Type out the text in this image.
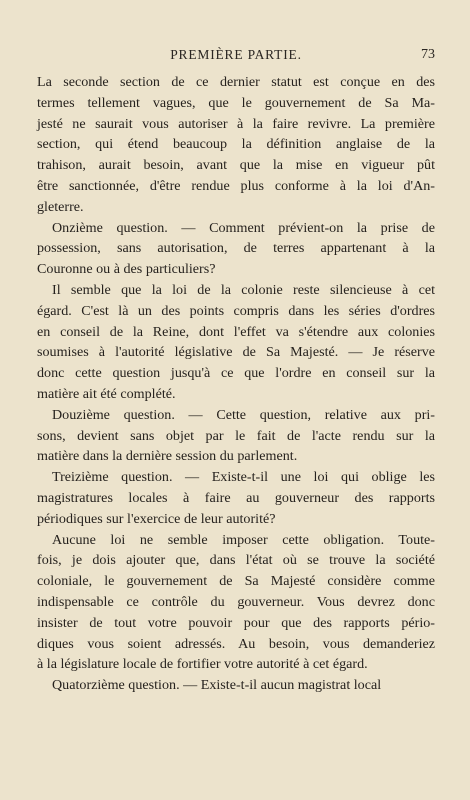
PREMIÈRE PARTIE.	73
La seconde section de ce dernier statut est conçue en des
termes tellement vagues, que le gouvernement de Sa Ma-
jesté ne saurait vous autoriser à la faire revivre. La première
section, qui étend beaucoup la définition anglaise de la
trahison, aurait besoin, avant que la mise en vigueur pût
être sanctionnée, d'être rendue plus conforme à la loi d'An-
gleterre.
Onzième question. — Comment prévient-on la prise de
possession, sans autorisation, de terres appartenant à la
Couronne ou à des particuliers?
Il semble que la loi de la colonie reste silencieuse à cet
égard. C'est là un des points compris dans les séries d'ordres
en conseil de la Reine, dont l'effet va s'étendre aux colonies
soumises à l'autorité législative de Sa Majesté. — Je réserve
donc cette question jusqu'à ce que l'ordre en conseil sur la
matière ait été complété.
Douzième question. — Cette question, relative aux pri-
sons, devient sans objet par le fait de l'acte rendu sur la
matière dans la dernière session du parlement.
Treizième question. — Existe-t-il une loi qui oblige les
magistratures locales à faire au gouverneur des rapports
périodiques sur l'exercice de leur autorité?
Aucune loi ne semble imposer cette obligation. Toute-
fois, je dois ajouter que, dans l'état où se trouve la société
coloniale, le gouvernement de Sa Majesté considère comme
indispensable ce contrôle du gouverneur. Vous devrez donc
insister de tout votre pouvoir pour que des rapports pério-
diques vous soient adressés. Au besoin, vous demanderiez
à la législature locale de fortifier votre autorité à cet égard.
Quatorzième question. — Existe-t-il aucun magistrat local
